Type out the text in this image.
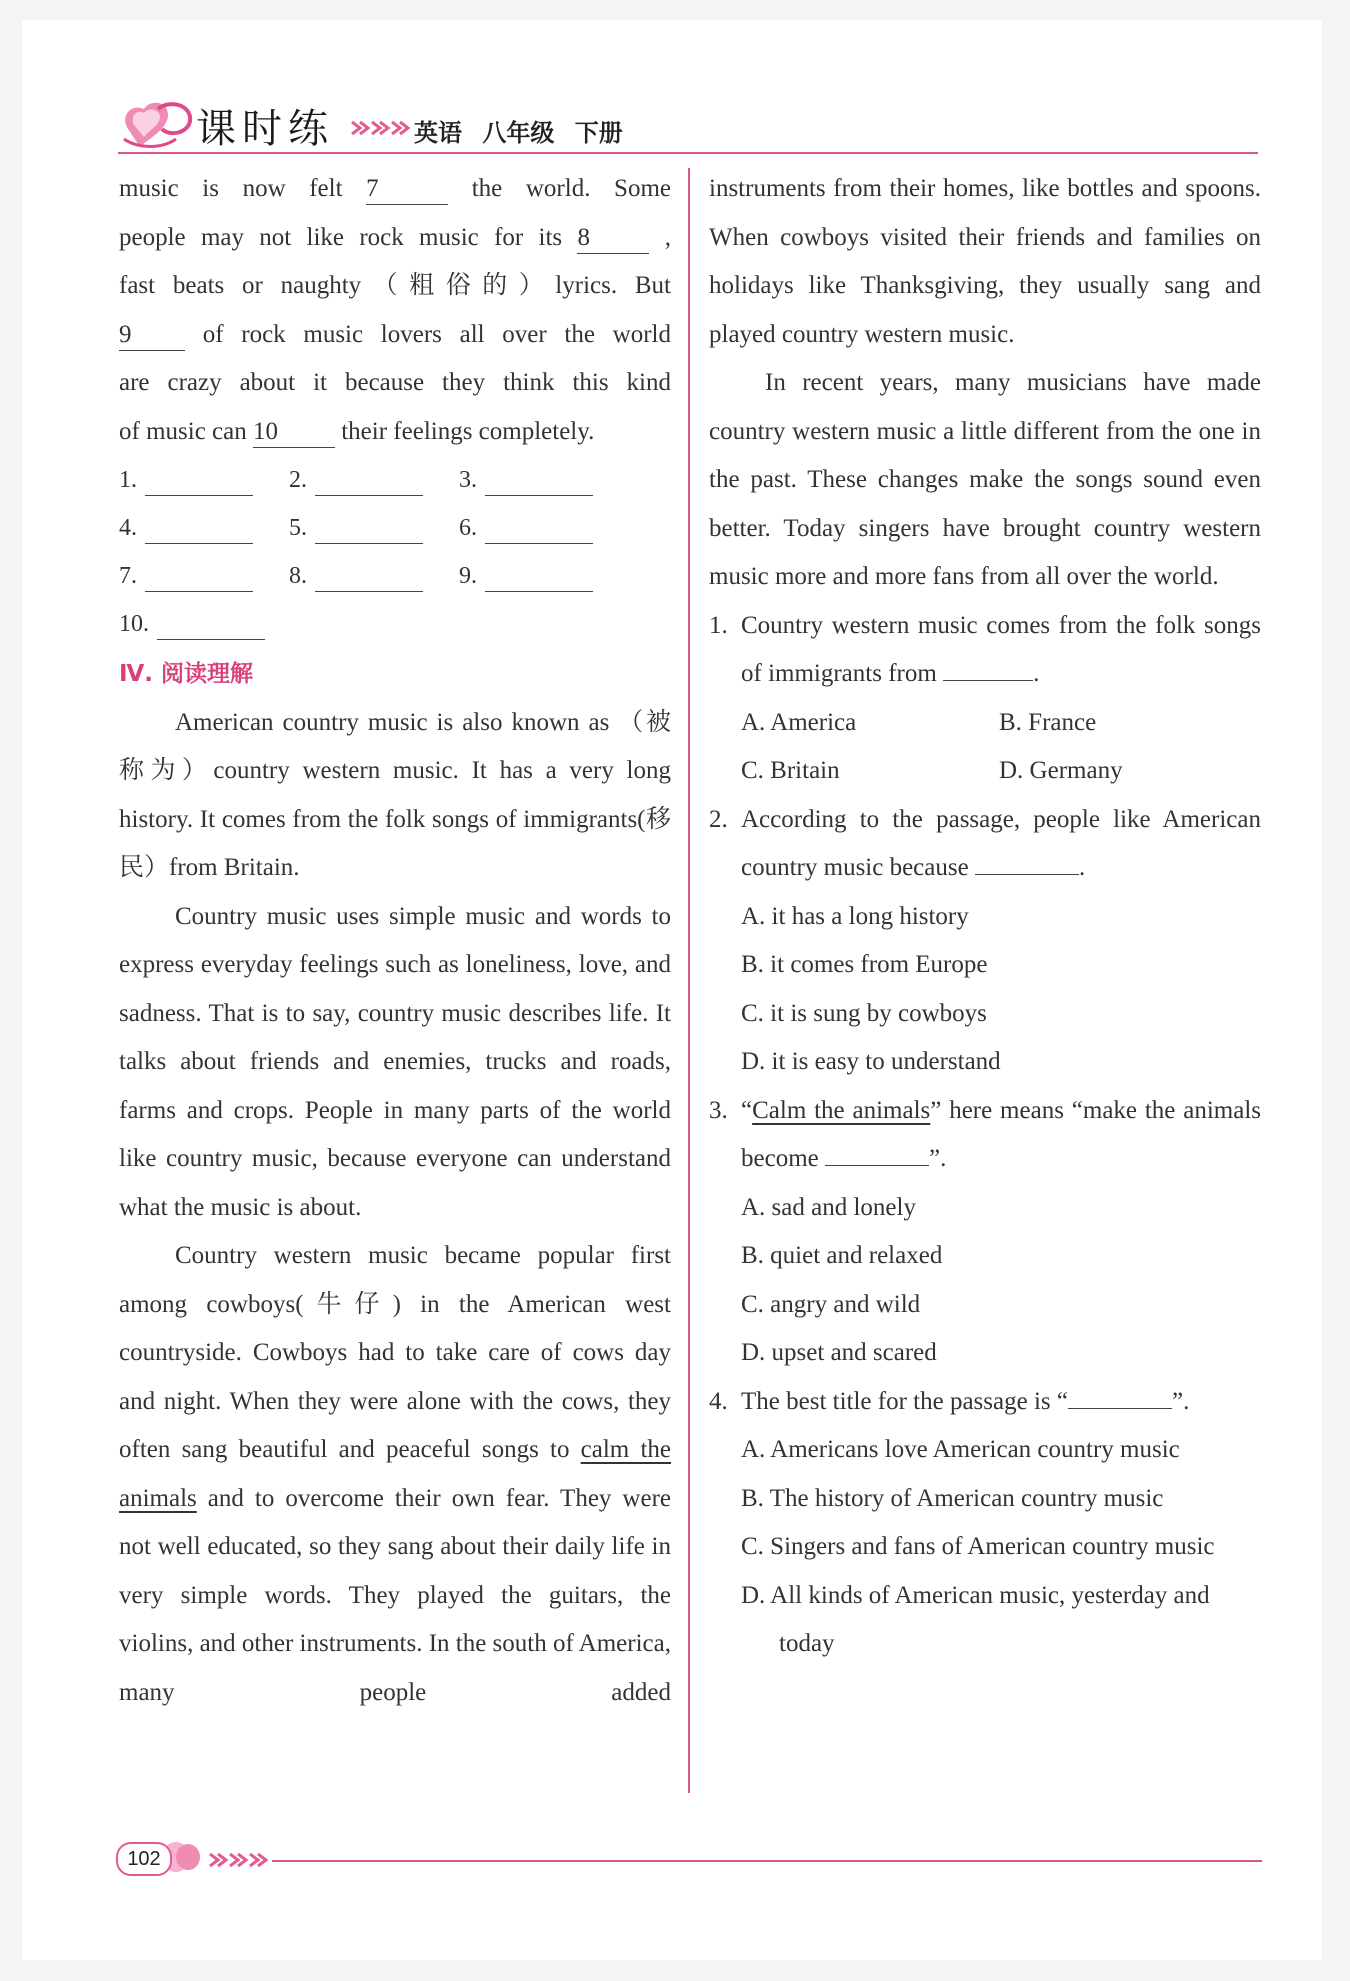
课时练	英语 八年级 下册

music is now felt 7	the world. Some

people may not like rock music for its 8	,

fast beats or naughty（粗俗的）lyrics. But

9	of rock music lovers all over the world

are crazy about it because they think this kind

of music can 10	their feelings completely.

1.	2.	3.
4.	5.	6.
7.	8.	9.
10.
Ⅳ. 阅读理解

American country music is also known as （被称为）country western music. It has a very long history. It comes from the folk songs of immigrants(移民）from Britain.

Country music uses simple music and words to express everyday feelings such as loneliness, love, and sadness. That is to say, country music describes life. It talks about friends and enemies, trucks and roads, farms and crops. People in many parts of the world like country music, because everyone can understand what the music is about.

Country western music became popular first among cowboys(牛仔) in the American west countryside. Cowboys had to take care of cows day and night. When they were alone with the cows, they often sang beautiful and peaceful songs to calm the animals and to overcome their own fear. They were not well educated, so they sang about their daily life in very simple words. They played the guitars, the violins, and other instruments. In the south of America, many people added

instruments from their homes, like bottles and spoons. When cowboys visited their friends and families on holidays like Thanksgiving, they usually sang and played country western music.

In recent years, many musicians have made country western music a little different from the one in the past. These changes make the songs sound even better. Today singers have brought country western music more and more fans from all over the world.

1. Country western music comes from the folk songs of immigrants from	.

A. America	B. France
C. Britain	D. Germany
2. According to the passage, people like American country music because	.

A. it has a long history
B. it comes from Europe
C. it is sung by cowboys
D. it is easy to understand
3. “Calm the animals” here means “make the animals become	”.

A. sad and lonely
B. quiet and relaxed
C. angry and wild
D. upset and scared
4. The best title for the passage is “	”.

A. Americans love American country music
B. The history of American country music
C. Singers and fans of American country music
D. All kinds of American music, yesterday and today
102
